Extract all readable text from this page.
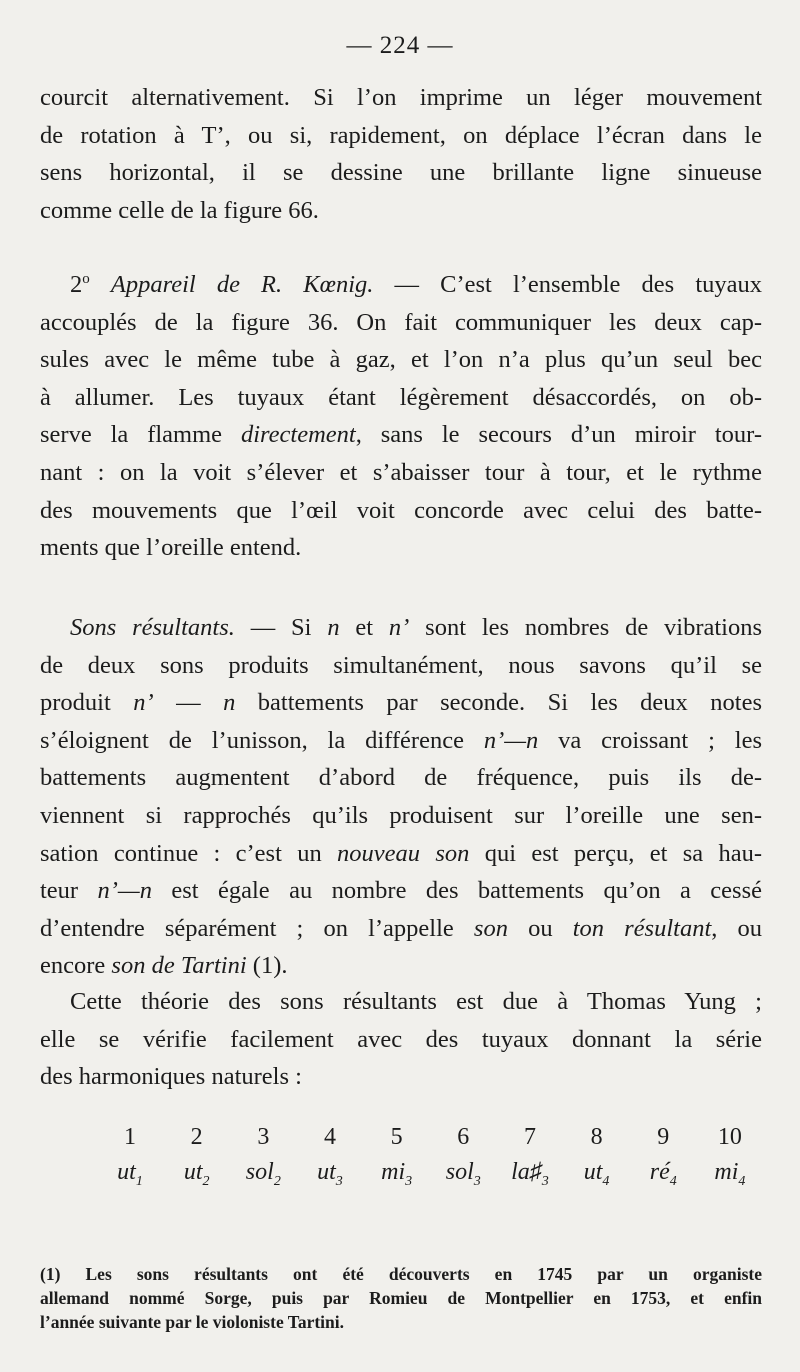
— 224 —
courcit alternativement. Si l’on imprime un léger mouvement
de rotation à T’, ou si, rapidement, on déplace l’écran dans le
sens horizontal, il se dessine une brillante ligne sinueuse
comme celle de la figure 66.
2$^o$ Appareil de R. Kœnig. — C’est l’ensemble des tuyaux
accouplés de la figure 36. On fait communiquer les deux cap-
sules avec le même tube à gaz, et l’on n’a plus qu’un seul bec
à allumer. Les tuyaux étant légèrement désaccordés, on ob-
serve la flamme directement, sans le secours d’un miroir tour-
nant : on la voit s’élever et s’abaisser tour à tour, et le rythme
des mouvements que l’œil voit concorde avec celui des batte-
ments que l’oreille entend.
Sons résultants. — Si n et n’ sont les nombres de vibrations
de deux sons produits simultanément, nous savons qu’il se
produit n’ — n battements par seconde. Si les deux notes
s’éloignent de l’unisson, la différence n’—n va croissant ; les
battements augmentent d’abord de fréquence, puis ils de-
viennent si rapprochés qu’ils produisent sur l’oreille une sen-
sation continue : c’est un nouveau son qui est perçu, et sa hau-
teur n’—n est égale au nombre des battements qu’on a cessé
d’entendre séparément ; on l’appelle son ou ton résultant, ou
encore son de Tartini (1).
Cette théorie des sons résultants est due à Thomas Yung ;
elle se vérifie facilement avec des tuyaux donnant la série
des harmoniques naturels :
1	2	3	4	5	6	7	8	9	10
$ut_1$	$ut_2$	sol$_2$	$ut_3$	$mi_3$	sol$_3$	$la♯_3$	$ut_4$	$ré_4$	$mi_4$
(1) Les sons résultants ont été découverts en 1745 par un organiste
allemand nommé Sorge, puis par Romieu de Montpellier en 1753, et enfin
l’année suivante par le violoniste Tartini.
